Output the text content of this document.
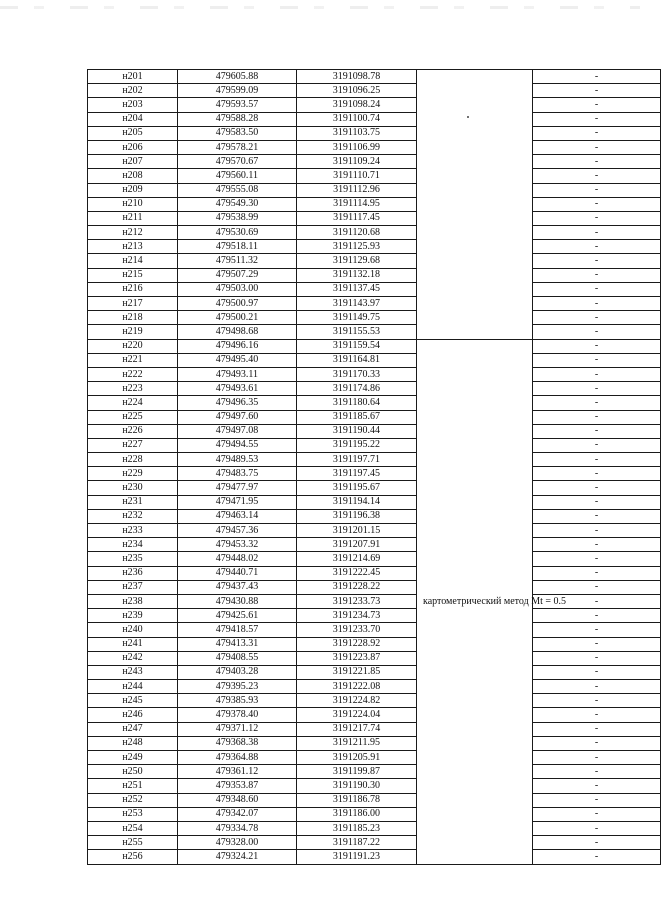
н201	479605.88	3191098.78		-
н202	479599.09	3191096.25		-
н203	479593.57	3191098.24		-
н204	479588.28	3191100.74		-
н205	479583.50	3191103.75		-
н206	479578.21	3191106.99		-
н207	479570.67	3191109.24		-
н208	479560.11	3191110.71		-
н209	479555.08	3191112.96		-
н210	479549.30	3191114.95		-
н211	479538.99	3191117.45		-
н212	479530.69	3191120.68		-
н213	479518.11	3191125.93		-
н214	479511.32	3191129.68		-
н215	479507.29	3191132.18		-
н216	479503.00	3191137.45		-
н217	479500.97	3191143.97		-
н218	479500.21	3191149.75		-
н219	479498.68	3191155.53		-
н220	479496.16	3191159.54	картометрический метод Mt = 0.5	-
н221	479495.40	3191164.81		-
н222	479493.11	3191170.33		-
н223	479493.61	3191174.86		-
н224	479496.35	3191180.64		-
н225	479497.60	3191185.67		-
н226	479497.08	3191190.44		-
н227	479494.55	3191195.22		-
н228	479489.53	3191197.71		-
н229	479483.75	3191197.45		-
н230	479477.97	3191195.67		-
н231	479471.95	3191194.14		-
н232	479463.14	3191196.38		-
н233	479457.36	3191201.15		-
н234	479453.32	3191207.91		-
н235	479448.02	3191214.69		-
н236	479440.71	3191222.45		-
н237	479437.43	3191228.22		-
н238	479430.88	3191233.73		-
н239	479425.61	3191234.73		-
н240	479418.57	3191233.70		-
н241	479413.31	3191228.92		-
н242	479408.55	3191223.87		-
н243	479403.28	3191221.85		-
н244	479395.23	3191222.08		-
н245	479385.93	3191224.82		-
н246	479378.40	3191224.04		-
н247	479371.12	3191217.74		-
н248	479368.38	3191211.95		-
н249	479364.88	3191205.91		-
н250	479361.12	3191199.87		-
н251	479353.87	3191190.30		-
н252	479348.60	3191186.78		-
н253	479342.07	3191186.00		-
н254	479334.78	3191185.23		-
н255	479328.00	3191187.22		-
н256	479324.21	3191191.23		-
